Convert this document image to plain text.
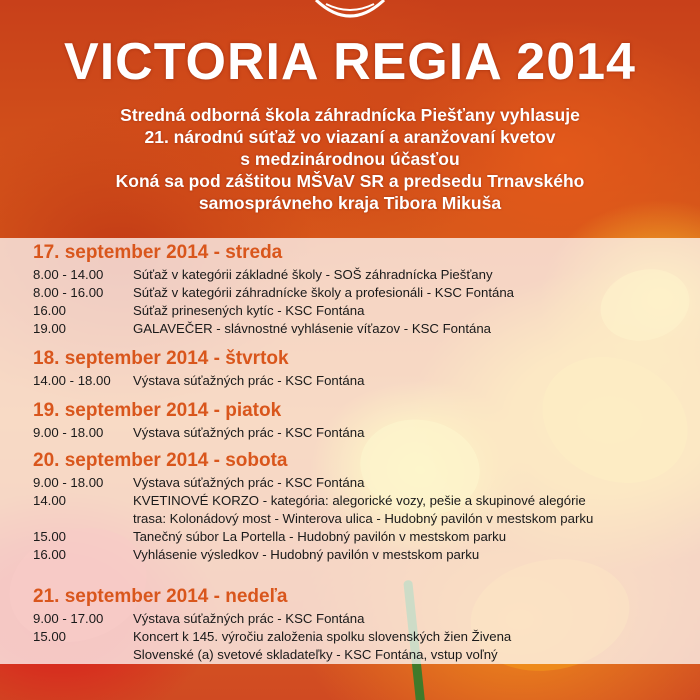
VICTORIA REGIA 2014
Stredná odborná škola záhradnícka Piešťany vyhlasuje
21. národnú súťaž vo viazaní a aranžovaní kvetov
s medzinárodnou účasťou
Koná sa pod záštitou MŠVaV SR a predsedu Trnavského
samosprávneho kraja Tibora Mikuša
17. september 2014 - streda
8.00 - 14.00	Súťaž v kategórii základné školy - SOŠ záhradnícka Piešťany
8.00 - 16.00	Súťaž v kategórii záhradnícke školy a profesionáli - KSC Fontána
16.00	Súťaž prinesených kytíc - KSC Fontána
19.00	GALAVEČER - slávnostné vyhlásenie víťazov - KSC Fontána
18. september 2014 - štvrtok
14.00 - 18.00	Výstava súťažných prác - KSC Fontána
19. september 2014 - piatok
9.00 - 18.00	Výstava súťažných prác - KSC Fontána
20. september 2014 - sobota
9.00 - 18.00	Výstava súťažných prác - KSC Fontána
14.00	KVETINOVÉ KORZO - kategória: alegorické vozy, pešie a skupinové alegórie
trasa: Kolonádový most - Winterova ulica - Hudobný pavilón v mestskom parku
15.00	Tanečný súbor La Portella - Hudobný pavilón v mestskom parku
16.00	Vyhlásenie výsledkov - Hudobný pavilón v mestskom parku
21. september 2014 - nedeľa
9.00 - 17.00	Výstava súťažných prác - KSC Fontána
15.00	Koncert k 145. výročiu založenia spolku slovenských žien Živena
Slovenské (a) svetové skladateľky - KSC Fontána, vstup voľný
